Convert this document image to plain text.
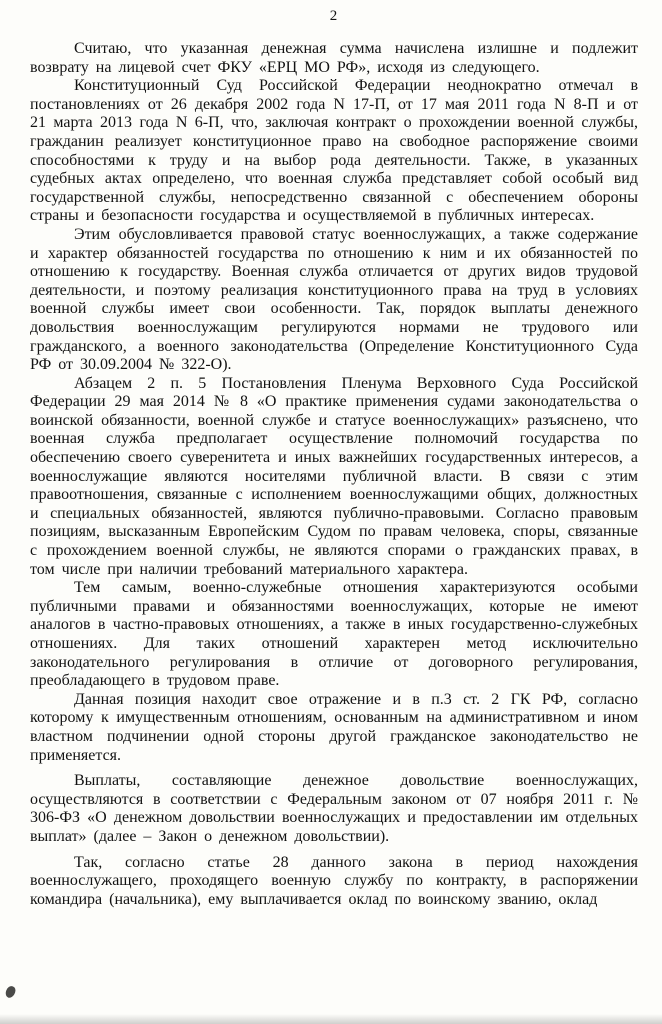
2

Считаю, что указанная денежная сумма начислена излишне и подлежит возврату на лицевой счет ФКУ «ЕРЦ МО РФ», исходя из следующего.

Конституционный Суд Российской Федерации неоднократно отмечал в постановлениях от 26 декабря 2002 года N 17-П, от 17 мая 2011 года N 8-П и от 21 марта 2013 года N 6-П, что, заключая контракт о прохождении военной службы, гражданин реализует конституционное право на свободное распоряжение своими способностями к труду и на выбор рода деятельности. Также, в указанных судебных актах определено, что военная служба представляет собой особый вид государственной службы, непосредственно связанной с обеспечением обороны страны и безопасности государства и осуществляемой в публичных интересах.

Этим обусловливается правовой статус военнослужащих, а также содержание и характер обязанностей государства по отношению к ним и их обязанностей по отношению к государству. Военная служба отличается от других видов трудовой деятельности, и поэтому реализация конституционного права на труд в условиях военной службы имеет свои особенности. Так, порядок выплаты денежного довольствия военнослужащим регулируются нормами не трудового или гражданского, а военного законодательства (Определение Конституционного Суда РФ от 30.09.2004 № 322-О).

Абзацем 2 п. 5 Постановления Пленума Верховного Суда Российской Федерации 29 мая 2014 № 8 «О практике применения судами законодательства о воинской обязанности, военной службе и статусе военнослужащих» разъяснено, что военная служба предполагает осуществление полномочий государства по обеспечению своего суверенитета и иных важнейших государственных интересов, а военнослужащие являются носителями публичной власти. В связи с этим правоотношения, связанные с исполнением военнослужащими общих, должностных и специальных обязанностей, являются публично-правовыми. Согласно правовым позициям, высказанным Европейским Судом по правам человека, споры, связанные с прохождением военной службы, не являются спорами о гражданских правах, в том числе при наличии требований материального характера.

Тем самым, военно-служебные отношения характеризуются особыми публичными правами и обязанностями военнослужащих, которые не имеют аналогов в частно-правовых отношениях, а также в иных государственно-служебных отношениях. Для таких отношений характерен метод исключительно законодательного регулирования в отличие от договорного регулирования, преобладающего в трудовом праве.

Данная позиция находит свое отражение и в п.3 ст. 2 ГК РФ, согласно которому к имущественным отношениям, основанным на административном и ином властном подчинении одной стороны другой гражданское законодательство не применяется.

Выплаты, составляющие денежное довольствие военнослужащих, осуществляются в соответствии с Федеральным законом от 07 ноября 2011 г. № 306-ФЗ «О денежном довольствии военнослужащих и предоставлении им отдельных выплат» (далее – Закон о денежном довольствии).

Так, согласно статье 28 данного закона в период нахождения военнослужащего, проходящего военную службу по контракту, в распоряжении командира (начальника), ему выплачивается оклад по воинскому званию, оклад
